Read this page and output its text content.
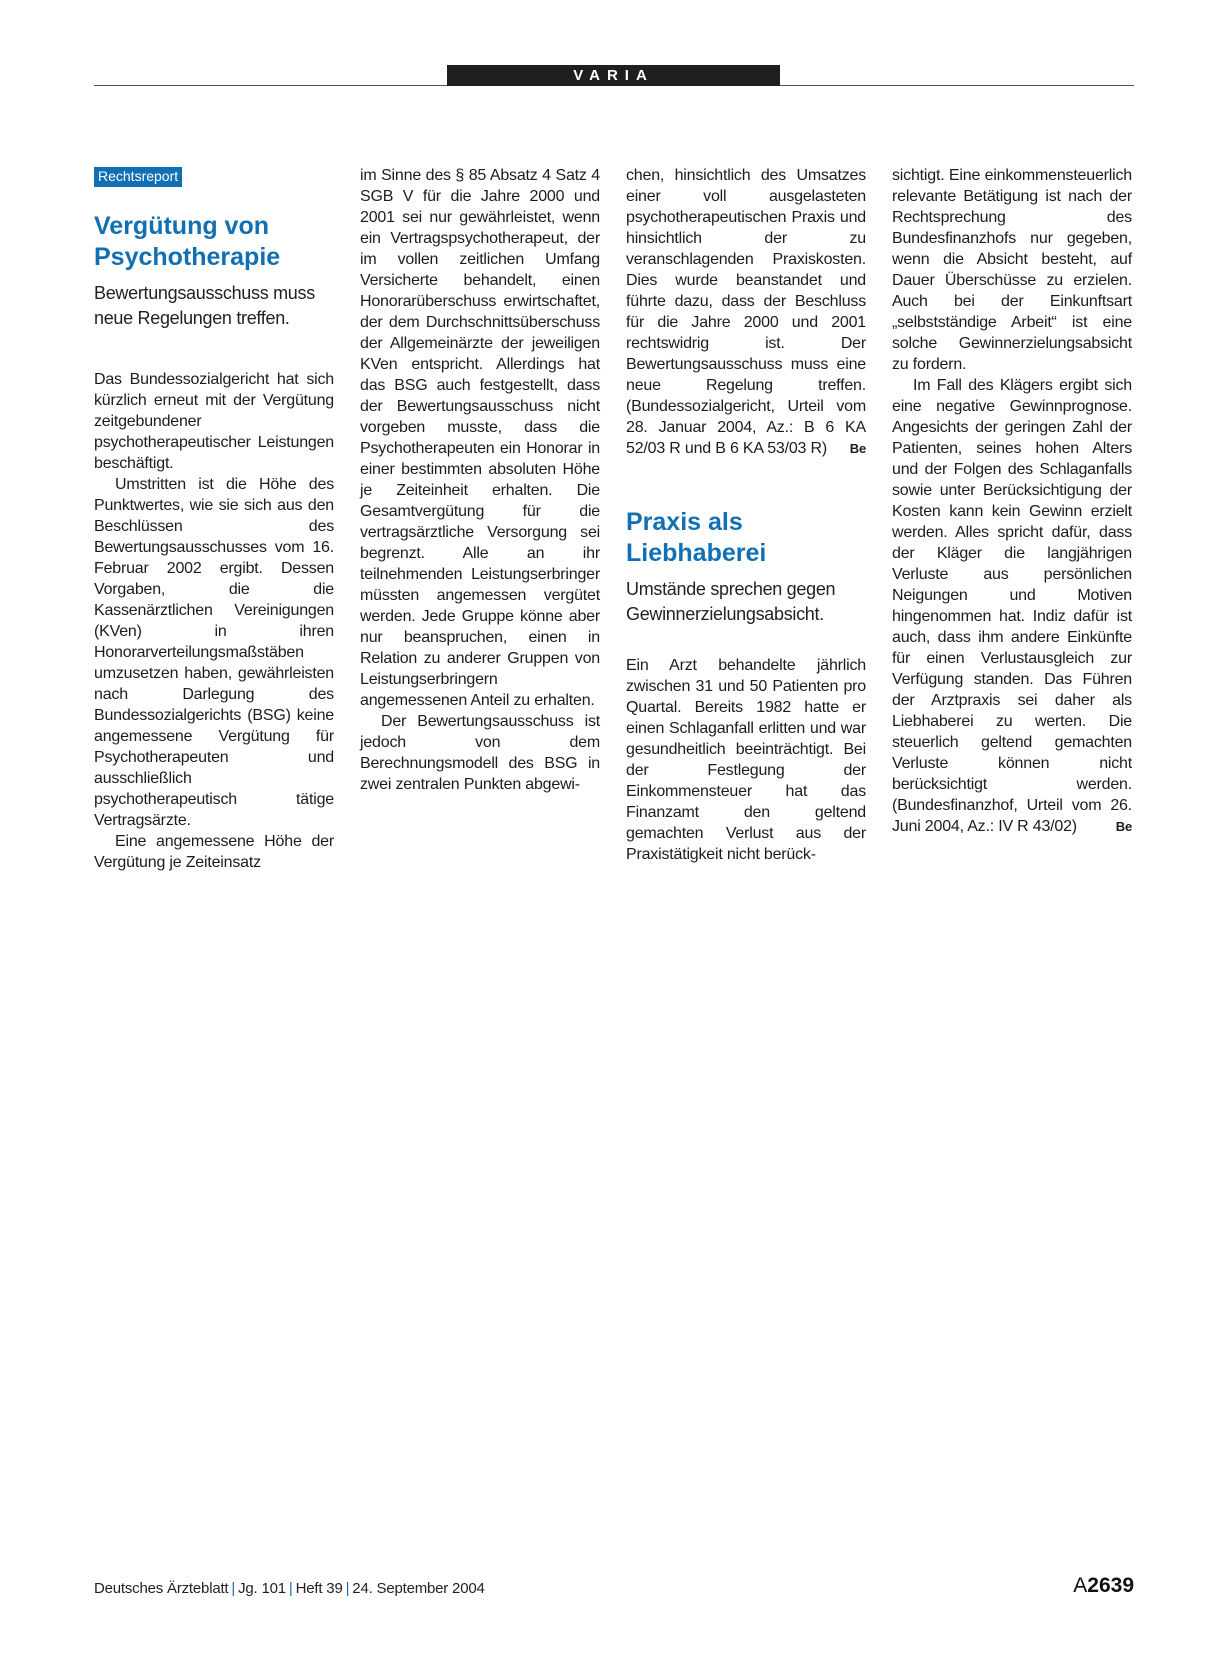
VARIA
Rechtsreport
Vergütung von Psychotherapie
Bewertungsausschuss muss neue Regelungen treffen.

Das Bundessozialgericht hat sich kürzlich erneut mit der Vergütung zeitgebundener psychotherapeutischer Leistungen beschäftigt.

Umstritten ist die Höhe des Punktwertes, wie sie sich aus den Beschlüssen des Bewertungsausschusses vom 16. Februar 2002 ergibt. Dessen Vorgaben, die die Kassenärztlichen Vereinigungen (KVen) in ihren Honorarverteilungsmaßstäben umzusetzen haben, gewährleisten nach Darlegung des Bundessozialgerichts (BSG) keine angemessene Vergütung für Psychotherapeuten und ausschließlich psychotherapeutisch tätige Vertragsärzte.

Eine angemessene Höhe der Vergütung je Zeiteinsatz

im Sinne des § 85 Absatz 4 Satz 4 SGB V für die Jahre 2000 und 2001 sei nur gewährleistet, wenn ein Vertragspsychotherapeut, der im vollen zeitlichen Umfang Versicherte behandelt, einen Honorarüberschuss erwirtschaftet, der dem Durchschnittsüberschuss der Allgemeinärzte der jeweiligen KVen entspricht. Allerdings hat das BSG auch festgestellt, dass der Bewertungsausschuss nicht vorgeben musste, dass die Psychotherapeuten ein Honorar in einer bestimmten absoluten Höhe je Zeiteinheit erhalten. Die Gesamtvergütung für die vertragsärztliche Versorgung sei begrenzt. Alle an ihr teilnehmenden Leistungserbringer müssten angemessen vergütet werden. Jede Gruppe könne aber nur beanspruchen, einen in Relation zu anderer Gruppen von Leistungserbringern angemessenen Anteil zu erhalten.

Der Bewertungsausschuss ist jedoch von dem Berechnungsmodell des BSG in zwei zentralen Punkten abgewi-

chen, hinsichtlich des Umsatzes einer voll ausgelasteten psychotherapeutischen Praxis und hinsichtlich der zu veranschlagenden Praxiskosten. Dies wurde beanstandet und führte dazu, dass der Beschluss für die Jahre 2000 und 2001 rechtswidrig ist. Der Bewertungsausschuss muss eine neue Regelung treffen. (Bundessozialgericht, Urteil vom 28. Januar 2004, Az.: B 6 KA 52/03 R und B 6 KA 53/03 R) Be

Praxis als Liebhaberei
Umstände sprechen gegen Gewinnerzielungsabsicht.

Ein Arzt behandelte jährlich zwischen 31 und 50 Patienten pro Quartal. Bereits 1982 hatte er einen Schlaganfall erlitten und war gesundheitlich beeinträchtigt. Bei der Festlegung der Einkommensteuer hat das Finanzamt den geltend gemachten Verlust aus der Praxistätigkeit nicht berück-

sichtigt. Eine einkommensteuerlich relevante Betätigung ist nach der Rechtsprechung des Bundesfinanzhofs nur gegeben, wenn die Absicht besteht, auf Dauer Überschüsse zu erzielen. Auch bei der Einkunftsart „selbstständige Arbeit“ ist eine solche Gewinnerzielungsabsicht zu fordern.

Im Fall des Klägers ergibt sich eine negative Gewinnprognose. Angesichts der geringen Zahl der Patienten, seines hohen Alters und der Folgen des Schlaganfalls sowie unter Berücksichtigung der Kosten kann kein Gewinn erzielt werden. Alles spricht dafür, dass der Kläger die langjährigen Verluste aus persönlichen Neigungen und Motiven hingenommen hat. Indiz dafür ist auch, dass ihm andere Einkünfte für einen Verlustausgleich zur Verfügung standen. Das Führen der Arztpraxis sei daher als Liebhaberei zu werten. Die steuerlich geltend gemachten Verluste können nicht berücksichtigt werden. (Bundesfinanzhof, Urteil vom 26. Juni 2004, Az.: IV R 43/02)	Be

Deutsches Ärzteblatt | Jg. 101 | Heft 39 | 24. September 2004	A2639
